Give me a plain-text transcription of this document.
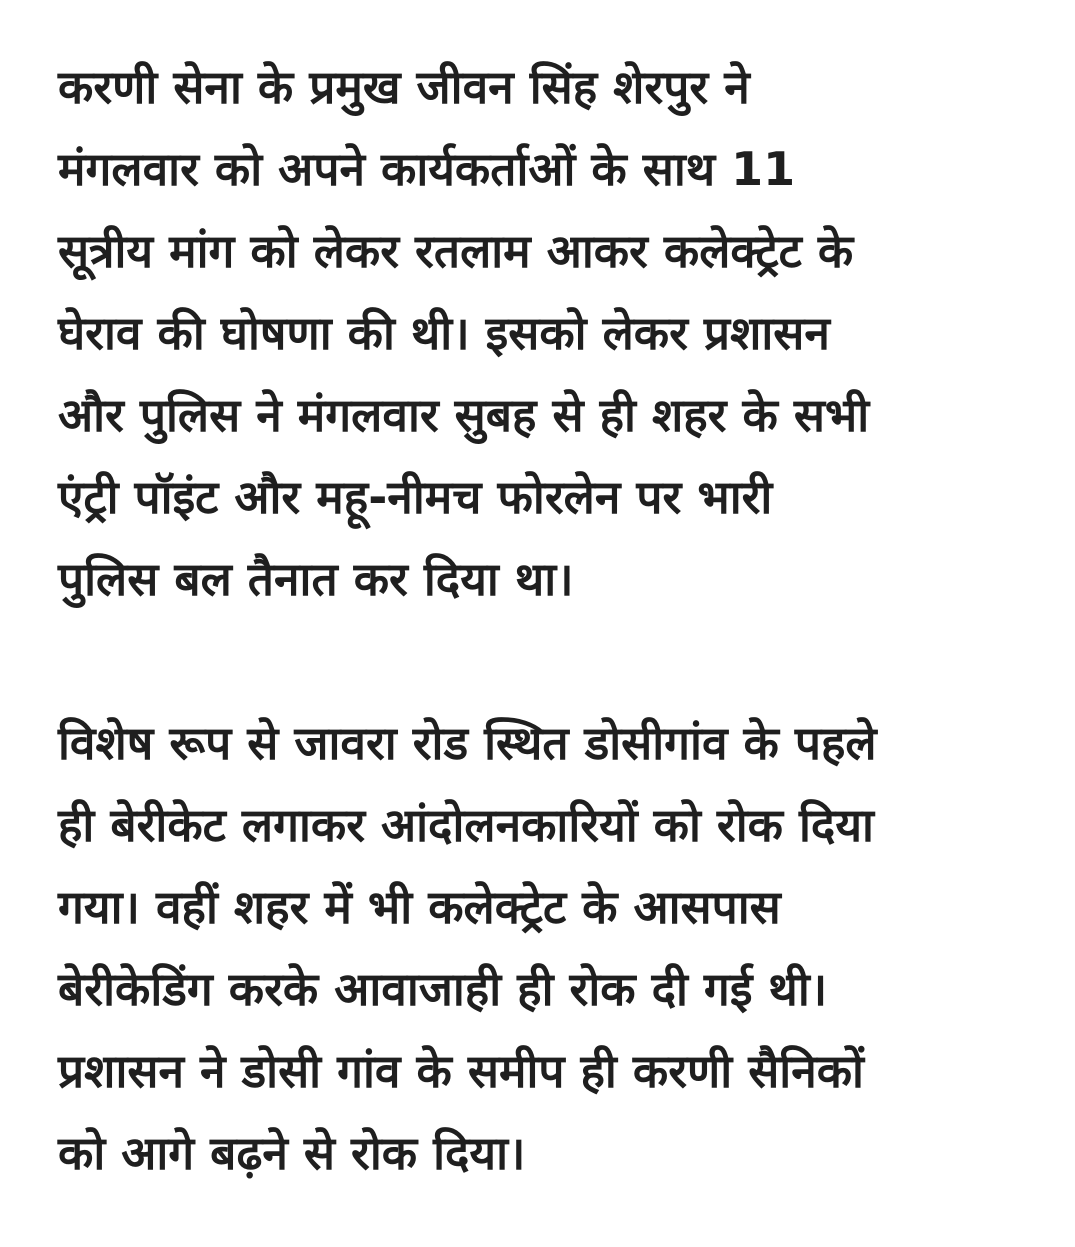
करणी सेना के प्रमुख जीवन सिंह शेरपुर ने
मंगलवार को अपने कार्यकर्ताओं के साथ 11
सूत्रीय मांग को लेकर रतलाम आकर कलेक्ट्रेट के
घेराव की घोषणा की थी। इसको लेकर प्रशासन
और पुलिस ने मंगलवार सुबह से ही शहर के सभी
एंट्री पॉइंट और महू-नीमच फोरलेन पर भारी
पुलिस बल तैनात कर दिया था।

विशेष रूप से जावरा रोड स्थित डोसीगांव के पहले
ही बेरीकेट लगाकर आंदोलनकारियों को रोक दिया
गया। वहीं शहर में भी कलेक्ट्रेट के आसपास
बेरीकेडिंग करके आवाजाही ही रोक दी गई थी।
प्रशासन ने डोसी गांव के समीप ही करणी सैनिकों
को आगे बढ़ने से रोक दिया।
